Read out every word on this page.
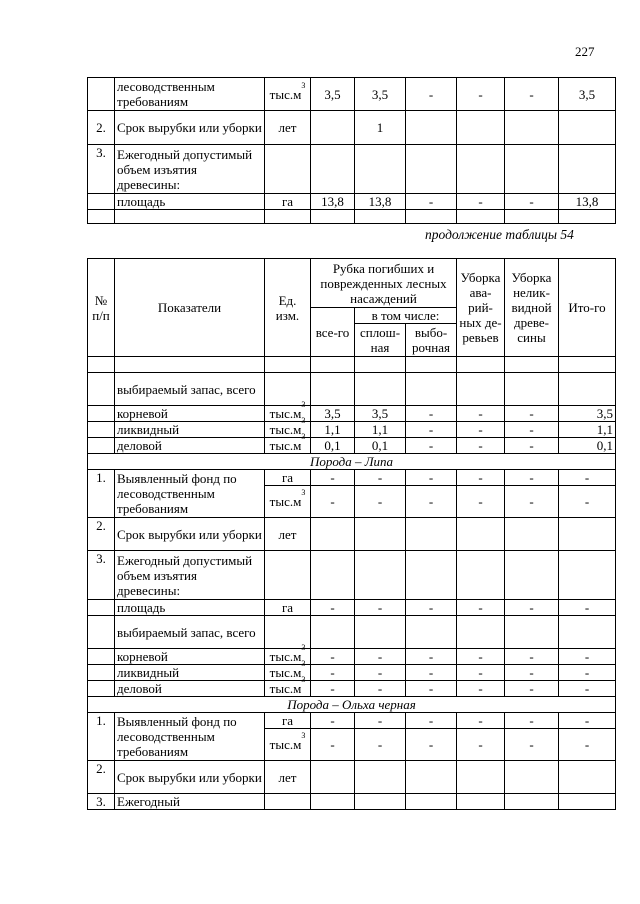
227
	лесоводственным требованиям	$тыс.м^3$	3,5	3,5	-	-	-	3,5
2.	Срок вырубки или уборки	лет		1				
3.	Ежегодный допустимый объем изъятия древесины:							
	площадь	га	13,8	13,8	-	-	-	13,8

продолжение таблицы 54
№ п/п	Показатели	Ед. изм.	Рубка погибших и поврежденных лесных насаждений			Уборка ава-рий-ных де-ревьев	Уборка нелик-видной древе-сины	Ито-го
			все-го	в том числе:				
				сплош-ная	выбо-рочная			

	выбираемый запас, всего							
	корневой	$тыс.м^3$	3,5	3,5	-	-	-	3,5
	ликвидный	$тыс.м^3$	1,1	1,1	-	-	-	1,1
	деловой	$тыс.м^3$	0,1	0,1	-	-	-	0,1
Порода – Липа								
1.	Выявленный фонд по лесоводственным требованиям	га	-	-	-	-	-	-
		$тыс.м^3$	-	-	-	-	-	-
2.	Срок вырубки или уборки	лет						
3.	Ежегодный допустимый объем изъятия древесины:							
	площадь	га	-	-	-	-	-	-
	выбираемый запас, всего							
	корневой	$тыс.м^3$	-	-	-	-	-	-
	ликвидный	$тыс.м^3$	-	-	-	-	-	-
	деловой	$тыс.м^3$	-	-	-	-	-	-
Порода – Ольха черная								
1.	Выявленный фонд по лесоводственным требованиям	га	-	-	-	-	-	-
		$тыс.м^3$	-	-	-	-	-	-
2.	Срок вырубки или уборки	лет						
3.	Ежегодный							
